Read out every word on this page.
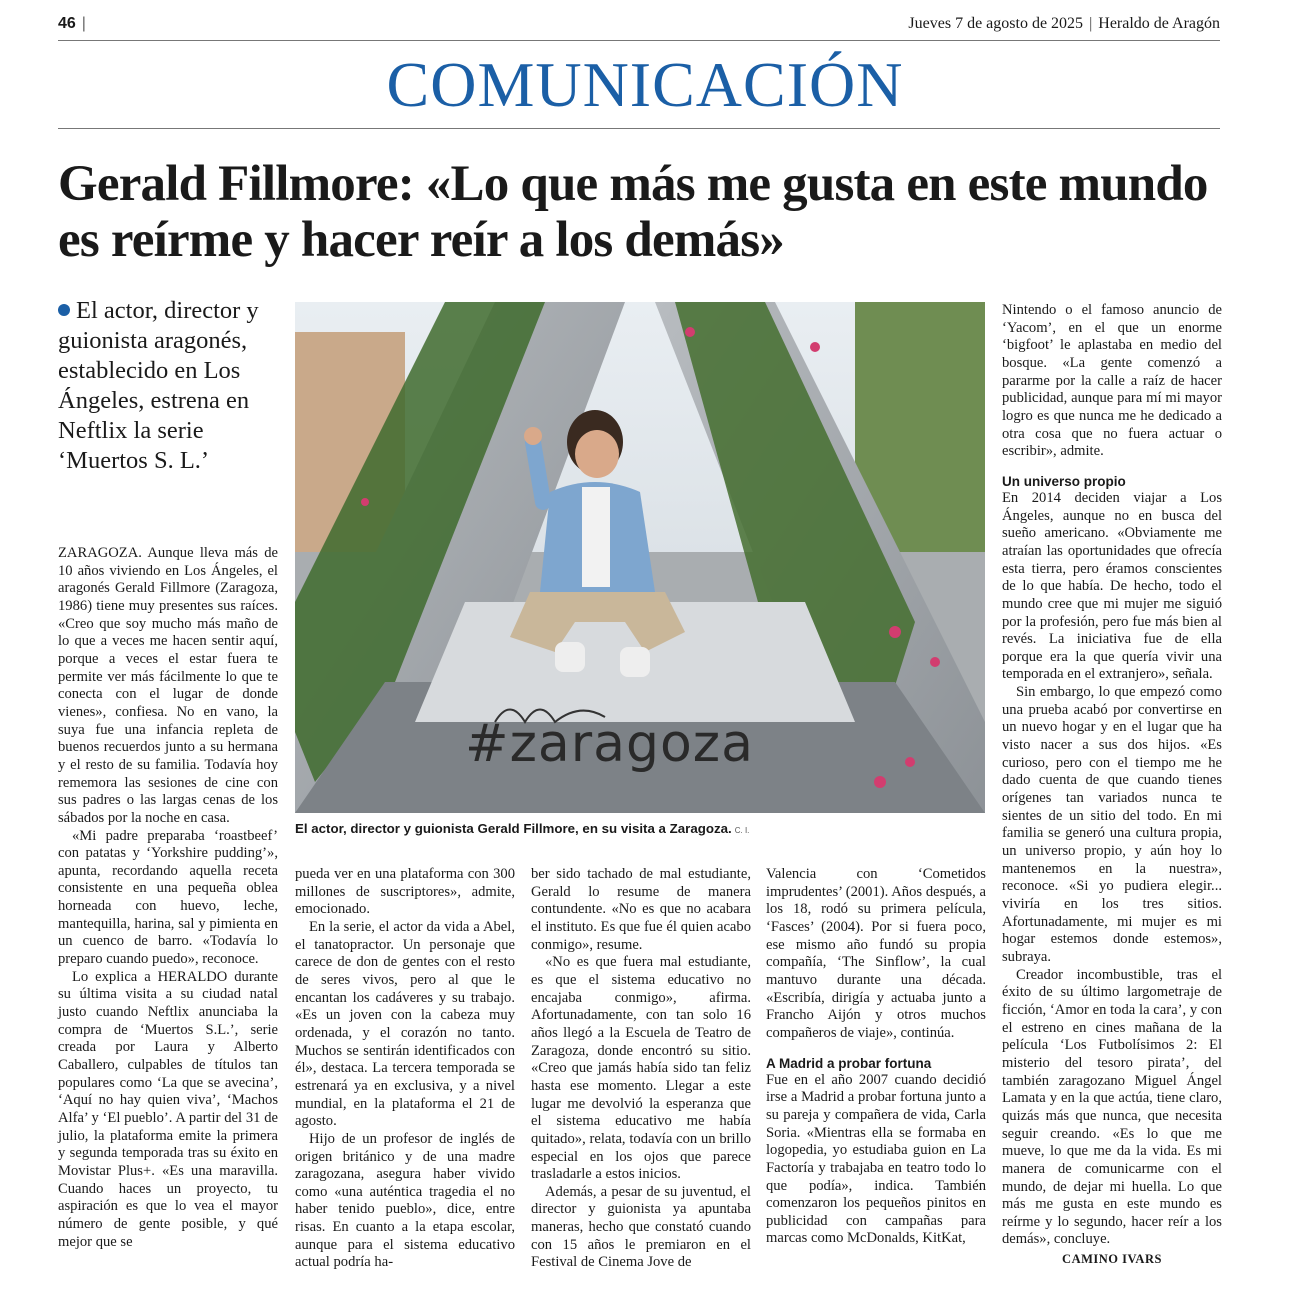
46 |	Jueves 7 de agosto de 2025 | Heraldo de Aragón
COMUNICACIÓN
Gerald Fillmore: «Lo que más me gusta en este mundo es reírme y hacer reír a los demás»
El actor, director y guionista aragonés, establecido en Los Ángeles, estrena en Neftlix la serie ‘Muertos S. L.’
#zaragoza
El actor, director y guionista Gerald Fillmore, en su visita a Zaragoza. C. I.

ZARAGOZA. Aunque lleva más de 10 años viviendo en Los Ángeles, el aragonés Gerald Fillmore (Zaragoza, 1986) tiene muy presentes sus raíces. «Creo que soy mucho más maño de lo que a veces me hacen sentir aquí, porque a veces el estar fuera te permite ver más fácilmente lo que te conecta con el lugar de donde vienes», confiesa. No en vano, la suya fue una infancia repleta de buenos recuerdos junto a su hermana y el resto de su familia. Todavía hoy rememora las sesiones de cine con sus padres o las largas cenas de los sábados por la noche en casa.

«Mi padre preparaba ‘roastbeef’ con patatas y ‘Yorkshire pudding’», apunta, recordando aquella receta consistente en una pequeña oblea horneada con huevo, leche, mantequilla, harina, sal y pimienta en un cuenco de barro. «Todavía lo preparo cuando puedo», reconoce.

Lo explica a HERALDO durante su última visita a su ciudad natal justo cuando Neftlix anunciaba la compra de ‘Muertos S.L.’, serie creada por Laura y Alberto Caballero, culpables de títulos tan populares como ‘La que se avecina’, ‘Aquí no hay quien viva’, ‘Machos Alfa’ y ‘El pueblo’. A partir del 31 de julio, la plataforma emite la primera y segunda temporada tras su éxito en Movistar Plus+. «Es una maravilla. Cuando haces un proyecto, tu aspiración es que lo vea el mayor número de gente posible, y qué mejor que se

pueda ver en una plataforma con 300 millones de suscriptores», admite, emocionado.

En la serie, el actor da vida a Abel, el tanatopractor. Un personaje que carece de don de gentes con el resto de seres vivos, pero al que le encantan los cadáveres y su trabajo. «Es un joven con la cabeza muy ordenada, y el corazón no tanto. Muchos se sentirán identificados con él», destaca. La tercera temporada se estrenará ya en exclusiva, y a nivel mundial, en la plataforma el 21 de agosto.

Hijo de un profesor de inglés de origen británico y de una madre zaragozana, asegura haber vivido como «una auténtica tragedia el no haber tenido pueblo», dice, entre risas. En cuanto a la etapa escolar, aunque para el sistema educativo actual podría ha-

ber sido tachado de mal estudiante, Gerald lo resume de manera contundente. «No es que no acabara el instituto. Es que fue él quien acabo conmigo», resume.

«No es que fuera mal estudiante, es que el sistema educativo no encajaba conmigo», afirma. Afortunadamente, con tan solo 16 años llegó a la Escuela de Teatro de Zaragoza, donde encontró su sitio. «Creo que jamás había sido tan feliz hasta ese momento. Llegar a este lugar me devolvió la esperanza que el sistema educativo me había quitado», relata, todavía con un brillo especial en los ojos que parece trasladarle a estos inicios.

Además, a pesar de su juventud, el director y guionista ya apuntaba maneras, hecho que constató cuando con 15 años le premiaron en el Festival de Cinema Jove de

Valencia con ‘Cometidos imprudentes’ (2001). Años después, a los 18, rodó su primera película, ‘Fasces’ (2004). Por si fuera poco, ese mismo año fundó su propia compañía, ‘The Sinflow’, la cual mantuvo durante una década. «Escribía, dirigía y actuaba junto a Francho Aijón y otros muchos compañeros de viaje», continúa.

A Madrid a probar fortuna

Fue en el año 2007 cuando decidió irse a Madrid a probar fortuna junto a su pareja y compañera de vida, Carla Soria. «Mientras ella se formaba en logopedia, yo estudiaba guion en La Factoría y trabajaba en teatro todo lo que podía», indica. También comenzaron los pequeños pinitos en publicidad con campañas para marcas como McDonalds, KitKat,

Nintendo o el famoso anuncio de ‘Yacom’, en el que un enorme ‘bigfoot’ le aplastaba en medio del bosque. «La gente comenzó a pararme por la calle a raíz de hacer publicidad, aunque para mí mi mayor logro es que nunca me he dedicado a otra cosa que no fuera actuar o escribir», admite.

Un universo propio

En 2014 deciden viajar a Los Ángeles, aunque no en busca del sueño americano. «Obviamente me atraían las oportunidades que ofrecía esta tierra, pero éramos conscientes de lo que había. De hecho, todo el mundo cree que mi mujer me siguió por la profesión, pero fue más bien al revés. La iniciativa fue de ella porque era la que quería vivir una temporada en el extranjero», señala.

Sin embargo, lo que empezó como una prueba acabó por convertirse en un nuevo hogar y en el lugar que ha visto nacer a sus dos hijos. «Es curioso, pero con el tiempo me he dado cuenta de que cuando tienes orígenes tan variados nunca te sientes de un sitio del todo. En mi familia se generó una cultura propia, un universo propio, y aún hoy lo mantenemos en la nuestra», reconoce. «Si yo pudiera elegir... viviría en los tres sitios. Afortunadamente, mi mujer es mi hogar estemos donde estemos», subraya.

Creador incombustible, tras el éxito de su último largometraje de ficción, ‘Amor en toda la cara’, y con el estreno en cines mañana de la película ‘Los Futbolísimos 2: El misterio del tesoro pirata’, del también zaragozano Miguel Ángel Lamata y en la que actúa, tiene claro, quizás más que nunca, que necesita seguir creando. «Es lo que me mueve, lo que me da la vida. Es mi manera de comunicarme con el mundo, de dejar mi huella. Lo que más me gusta en este mundo es reírme y lo segundo, hacer reír a los demás», concluye.

CAMINO IVARS
